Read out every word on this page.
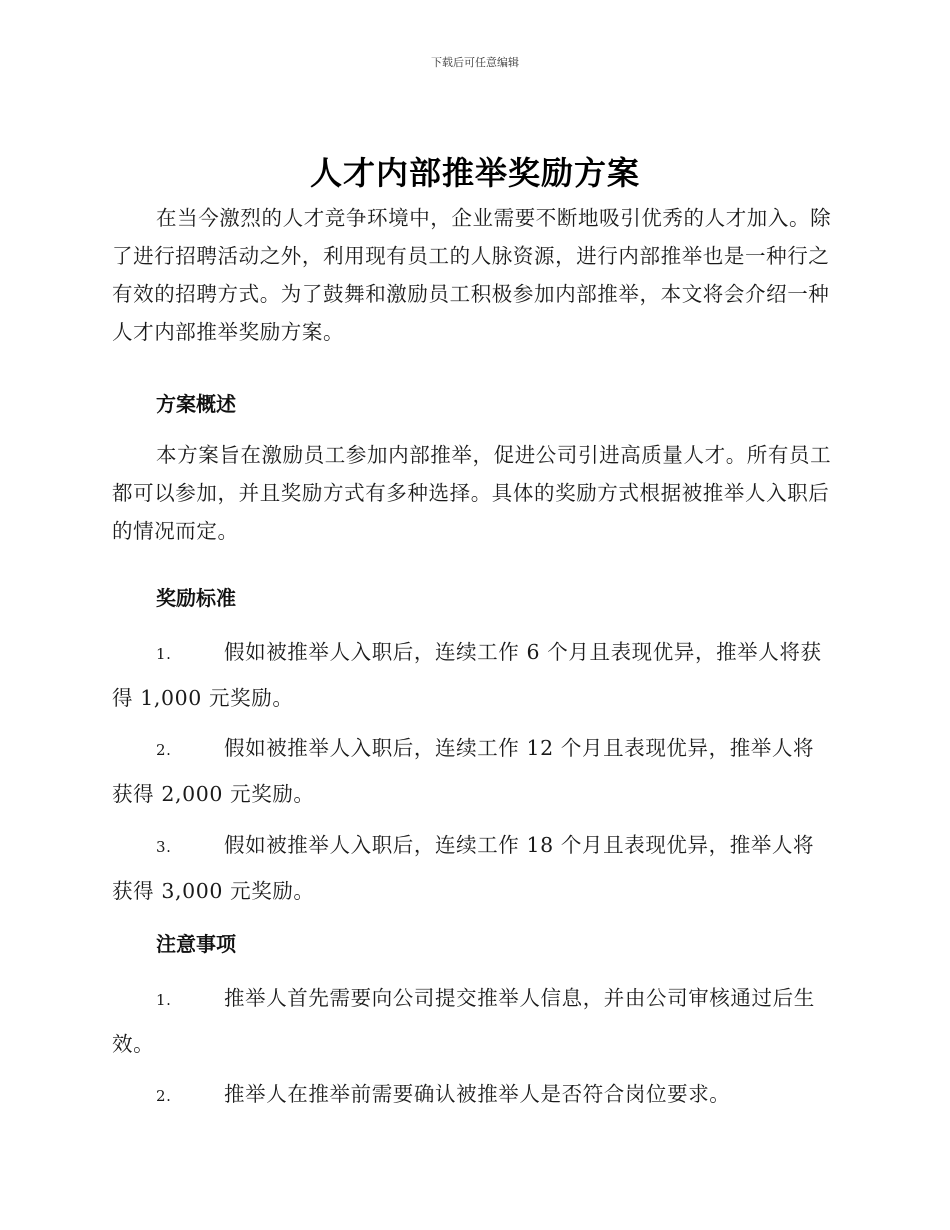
下载后可任意编辑
人才内部推举奖励方案
在当今激烈的人才竞争环境中，企业需要不断地吸引优秀的人才加入。除了进行招聘活动之外，利用现有员工的人脉资源，进行内部推举也是一种行之有效的招聘方式。为了鼓舞和激励员工积极参加内部推举，本文将会介绍一种人才内部推举奖励方案。
方案概述
本方案旨在激励员工参加内部推举，促进公司引进高质量人才。所有员工都可以参加，并且奖励方式有多种选择。具体的奖励方式根据被推举人入职后的情况而定。
奖励标准
1.	假如被推举人入职后，连续工作 6 个月且表现优异，推举人将获得 1,000 元奖励。
2.	假如被推举人入职后，连续工作 12 个月且表现优异，推举人将获得 2,000 元奖励。
3.	假如被推举人入职后，连续工作 18 个月且表现优异，推举人将获得 3,000 元奖励。
注意事项
1.	推举人首先需要向公司提交推举人信息，并由公司审核通过后生效。
2.	推举人在推举前需要确认被推举人是否符合岗位要求。
